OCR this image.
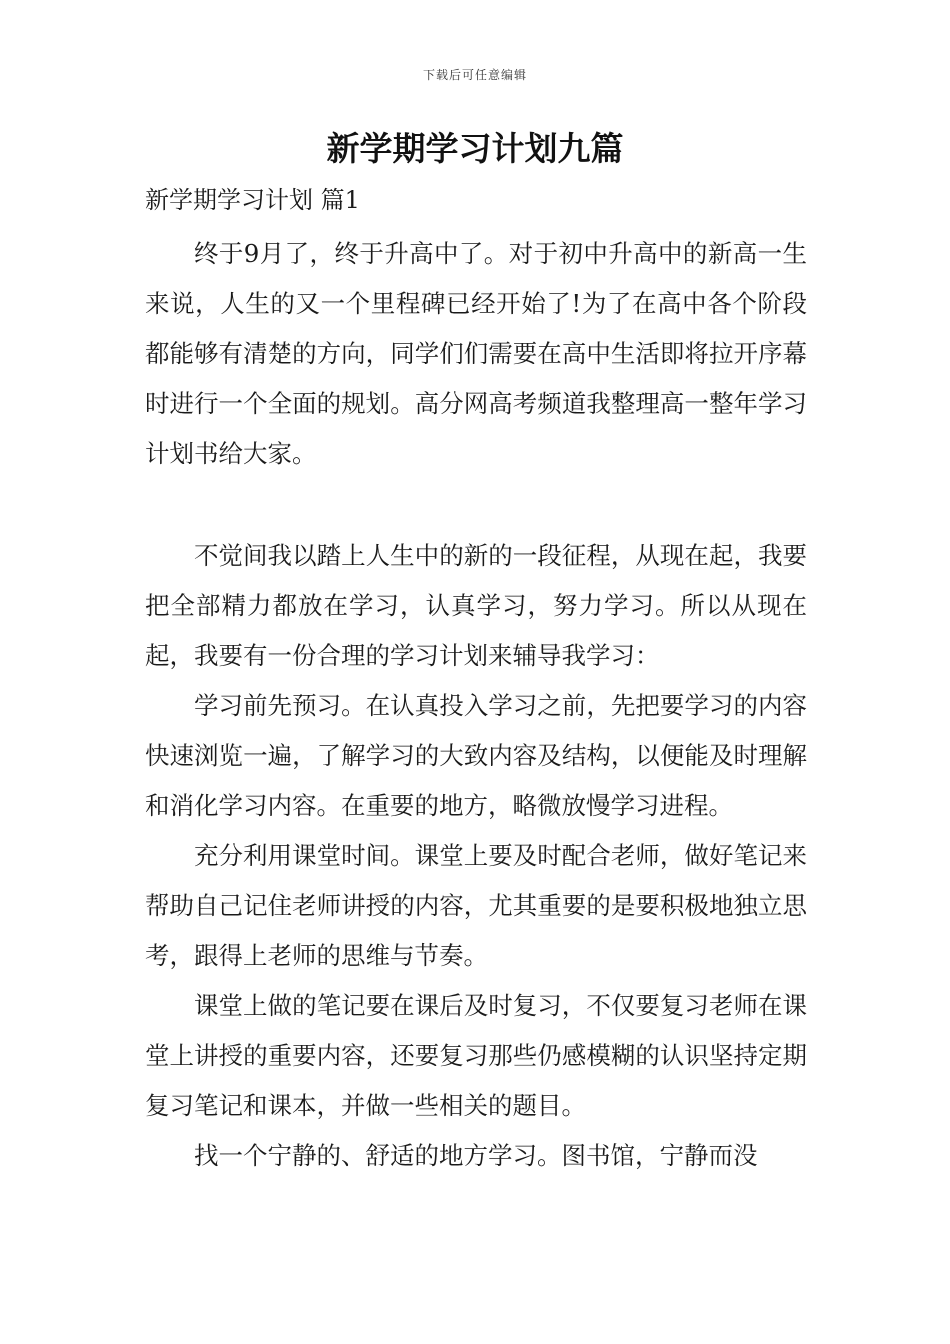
下载后可任意编辑
新学期学习计划九篇
新学期学习计划 篇1

终于9月了，终于升高中了。对于初中升高中的新高一生来说，人生的又一个里程碑已经开始了!为了在高中各个阶段都能够有清楚的方向，同学们们需要在高中生活即将拉开序幕时进行一个全面的规划。高分网高考频道我整理高一整年学习计划书给大家。

不觉间我以踏上人生中的新的一段征程，从现在起，我要把全部精力都放在学习，认真学习，努力学习。所以从现在起，我要有一份合理的学习计划来辅导我学习：

学习前先预习。在认真投入学习之前，先把要学习的内容快速浏览一遍，了解学习的大致内容及结构，以便能及时理解和消化学习内容。在重要的地方，略微放慢学习进程。

充分利用课堂时间。课堂上要及时配合老师，做好笔记来帮助自己记住老师讲授的内容，尤其重要的是要积极地独立思考，跟得上老师的思维与节奏。

课堂上做的笔记要在课后及时复习，不仅要复习老师在课堂上讲授的重要内容，还要复习那些仍感模糊的认识坚持定期复习笔记和课本，并做一些相关的题目。

找一个宁静的、舒适的地方学习。图书馆，宁静而没
